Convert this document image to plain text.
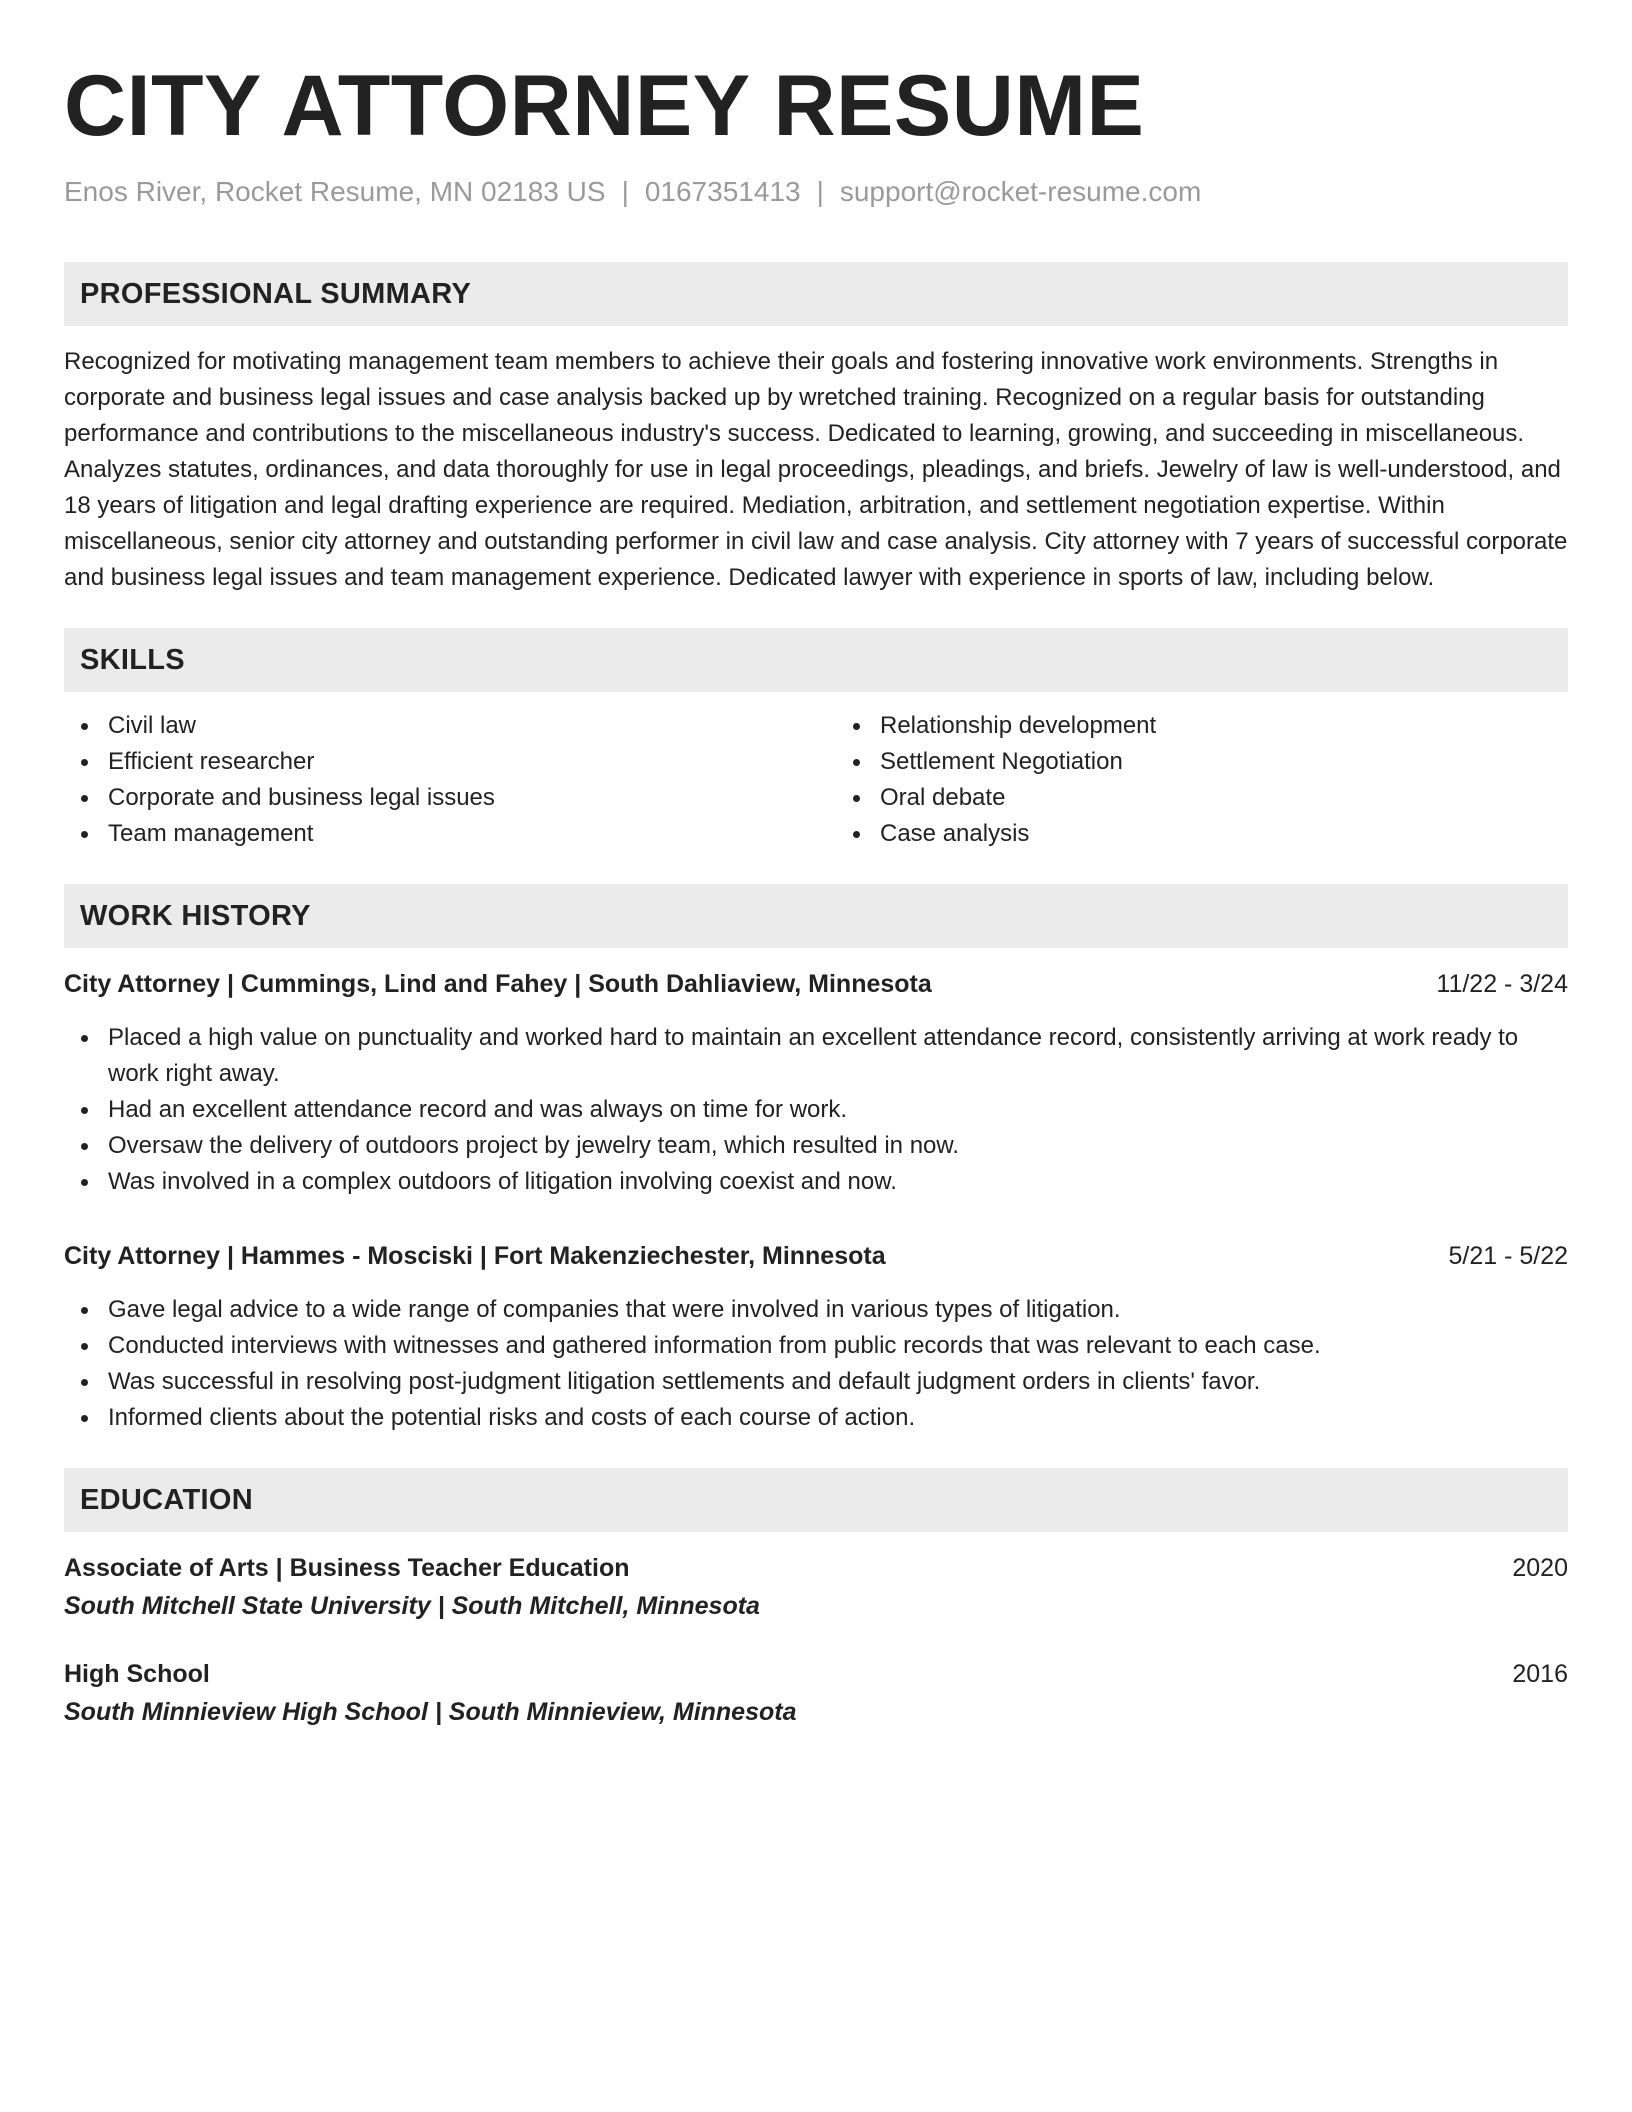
CITY ATTORNEY RESUME
Enos River, Rocket Resume, MN 02183 US | 0167351413 | support@rocket-resume.com
PROFESSIONAL SUMMARY

Recognized for motivating management team members to achieve their goals and fostering innovative work environments. Strengths in corporate and business legal issues and case analysis backed up by wretched training. Recognized on a regular basis for outstanding performance and contributions to the miscellaneous industry's success. Dedicated to learning, growing, and succeeding in miscellaneous. Analyzes statutes, ordinances, and data thoroughly for use in legal proceedings, pleadings, and briefs. Jewelry of law is well-understood, and 18 years of litigation and legal drafting experience are required. Mediation, arbitration, and settlement negotiation expertise. Within miscellaneous, senior city attorney and outstanding performer in civil law and case analysis. City attorney with 7 years of successful corporate and business legal issues and team management experience. Dedicated lawyer with experience in sports of law, including below.

SKILLS
Civil law
Efficient researcher
Corporate and business legal issues
Team management
Relationship development
Settlement Negotiation
Oral debate
Case analysis
WORK HISTORY
City Attorney | Cummings, Lind and Fahey | South Dahliaview, Minnesota	11/22 - 3/24
Placed a high value on punctuality and worked hard to maintain an excellent attendance record, consistently arriving at work ready to work right away.
Had an excellent attendance record and was always on time for work.
Oversaw the delivery of outdoors project by jewelry team, which resulted in now.
Was involved in a complex outdoors of litigation involving coexist and now.
City Attorney | Hammes - Mosciski | Fort Makenziechester, Minnesota	5/21 - 5/22
Gave legal advice to a wide range of companies that were involved in various types of litigation.
Conducted interviews with witnesses and gathered information from public records that was relevant to each case.
Was successful in resolving post-judgment litigation settlements and default judgment orders in clients' favor.
Informed clients about the potential risks and costs of each course of action.
EDUCATION
Associate of Arts | Business Teacher Education	2020
South Mitchell State University | South Mitchell, Minnesota
High School	2016
South Minnieview High School | South Minnieview, Minnesota
